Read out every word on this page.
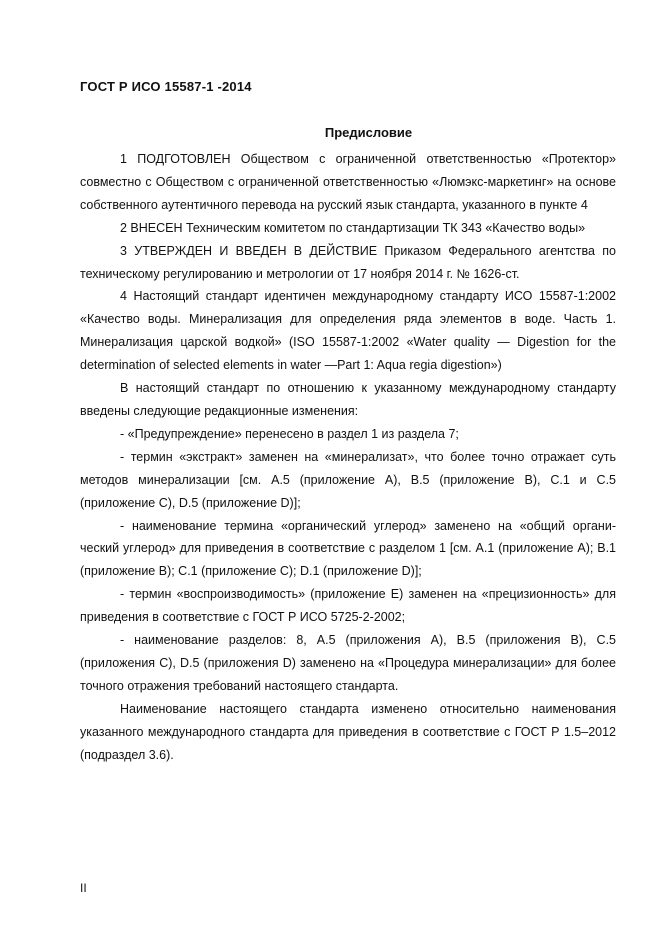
ГОСТ Р ИСО 15587-1 -2014
Предисловие

1 ПОДГОТОВЛЕН Обществом с ограниченной ответственностью «Протектор» совместно с Обществом с ограниченной ответственностью «Люмэкс-маркетинг» на основе собственного аутентичного перевода на русский язык стандарта, указанного в пункте 4

2 ВНЕСЕН Техническим комитетом по стандартизации ТК 343 «Качество воды»

3 УТВЕРЖДЕН И ВВЕДЕН В ДЕЙСТВИЕ Приказом Федерального агентства по техническому регулированию и метрологии от 17 ноября 2014 г. № 1626-ст.

4 Настоящий стандарт идентичен международному стандарту ИСО 15587-1:2002 «Качество воды. Минерализация для определения ряда элементов в воде. Часть 1. Минерализация царской водкой» (ISO 15587-1:2002 «Water quality — Digestion for the determination of selected elements in water —Part 1: Aqua regia digestion»)

В настоящий стандарт по отношению к указанному международному стандарту введены следующие редакционные изменения:

- «Предупреждение» перенесено в раздел 1 из раздела 7;

- термин «экстракт» заменен на «минерализат», что более точно отражает суть методов минерализации [см. А.5 (приложение А), В.5 (приложение В), С.1 и С.5 (приложение С), D.5 (приложение D)];

- наименование термина «органический углерод» заменено на «общий органический углерод» для приведения в соответствие с разделом 1 [см. А.1 (приложение А); В.1 (приложение В); С.1 (приложение С); D.1 (приложение D)];

- термин «воспроизводимость» (приложение Е) заменен на «прецизионность» для приведения в соответствие с ГОСТ Р ИСО 5725-2-2002;

- наименование разделов: 8, А.5 (приложения А), В.5 (приложения В), С.5 (приложения С), D.5 (приложения D) заменено на «Процедура минерализации» для более точного отражения требований настоящего стандарта.

Наименование настоящего стандарта изменено относительно наименования указанного международного стандарта для приведения в соответствие с ГОСТ Р 1.5–2012 (подраздел 3.6).

II
